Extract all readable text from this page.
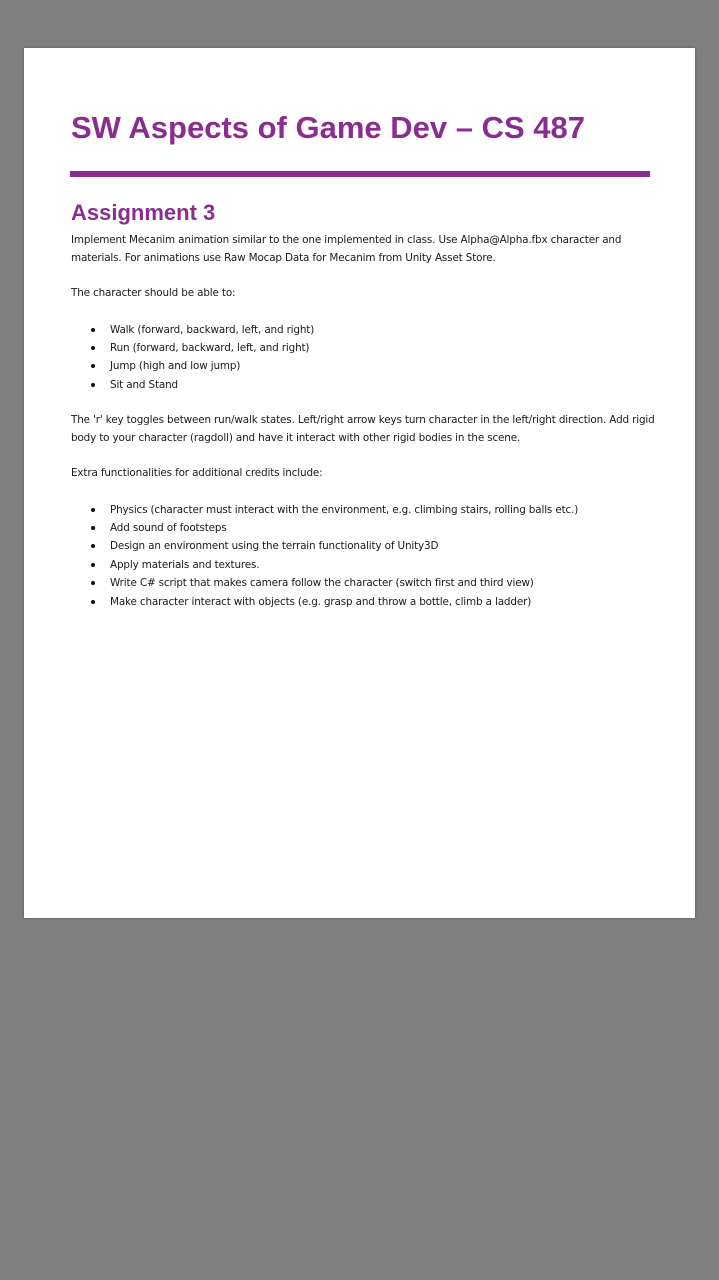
SW Aspects of Game Dev – CS 487
Assignment 3

Implement Mecanim animation similar to the one implemented in class. Use Alpha@Alpha.fbx character and materials. For animations use Raw Mocap Data for Mecanim from Unity Asset Store.

The character should be able to:

Walk (forward, backward, left, and right)
Run (forward, backward, left, and right)
Jump (high and low jump)
Sit and Stand

The 'r' key toggles between run/walk states. Left/right arrow keys turn character in the left/right direction. Add rigid body to your character (ragdoll) and have it interact with other rigid bodies in the scene.

Extra functionalities for additional credits include:

Physics (character must interact with the environment, e.g. climbing stairs, rolling balls etc.)
Add sound of footsteps
Design an environment using the terrain functionality of Unity3D
Apply materials and textures.
Write C# script that makes camera follow the character (switch first and third view)
Make character interact with objects (e.g. grasp and throw a bottle, climb a ladder)
